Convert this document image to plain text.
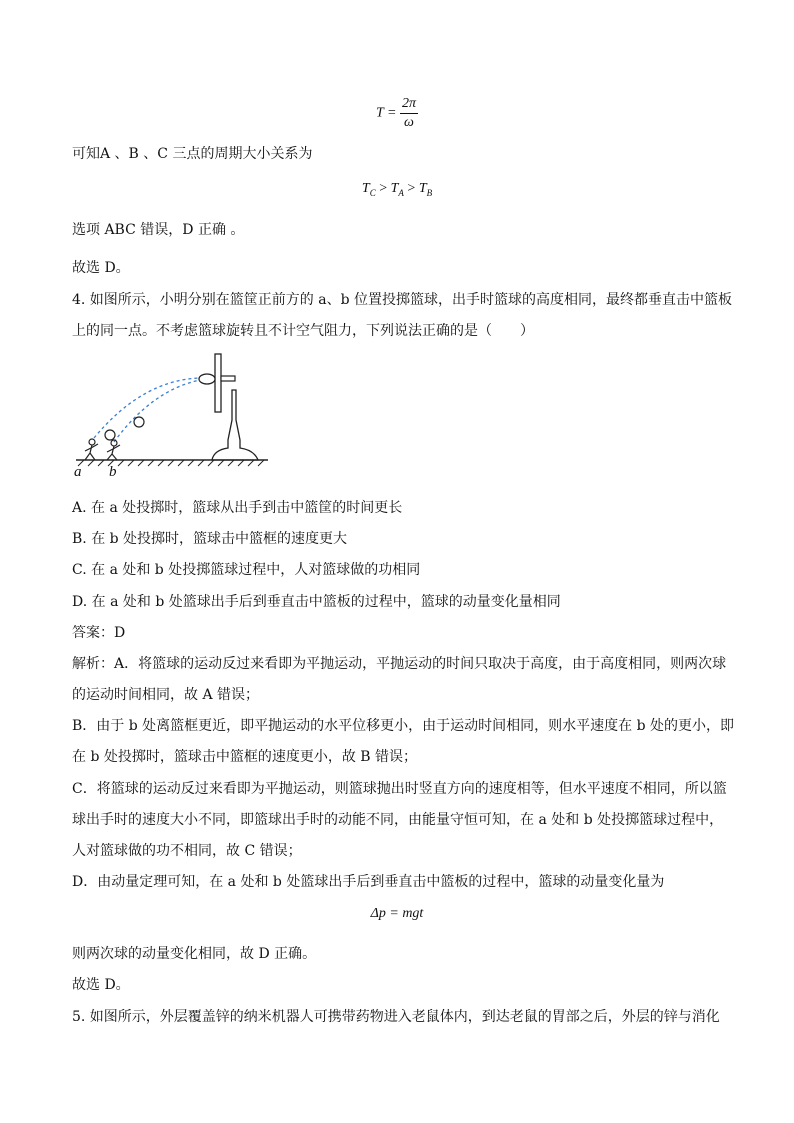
$T = \frac{2\pi}{\omega}$
可知A 、B 、C 三点的周期大小关系为
$T_C > T_A > T_B$
选项 ABC 错误，D 正确 。
故选 D。
4. 如图所示，小明分别在篮筐正前方的 a、b 位置投掷篮球，出手时篮球的高度相同，最终都垂直击中篮板
上的同一点。不考虑篮球旋转且不计空气阻力，下列说法正确的是（　　）
a b
A. 在 a 处投掷时，篮球从出手到击中篮筐的时间更长
B. 在 b 处投掷时，篮球击中篮框的速度更大
C. 在 a 处和 b 处投掷篮球过程中，人对篮球做的功相同
D. 在 a 处和 b 处篮球出手后到垂直击中篮板的过程中，篮球的动量变化量相同
答案：D
解析：A．将篮球的运动反过来看即为平抛运动，平抛运动的时间只取决于高度，由于高度相同，则两次球
的运动时间相同，故 A 错误；
B．由于 b 处离篮框更近，即平抛运动的水平位移更小，由于运动时间相同，则水平速度在 b 处的更小，即
在 b 处投掷时，篮球击中篮框的速度更小，故 B 错误；
C．将篮球的运动反过来看即为平抛运动，则篮球抛出时竖直方向的速度相等，但水平速度不相同，所以篮
球出手时的速度大小不同，即篮球出手时的动能不同，由能量守恒可知，在 a 处和 b 处投掷篮球过程中，
人对篮球做的功不相同，故 C 错误；
D．由动量定理可知，在 a 处和 b 处篮球出手后到垂直击中篮板的过程中，篮球的动量变化量为
Δp = mgt
则两次球的动量变化相同，故 D 正确。
故选 D。
5. 如图所示，外层覆盖锌的纳米机器人可携带药物进入老鼠体内，到达老鼠的胃部之后，外层的锌与消化
